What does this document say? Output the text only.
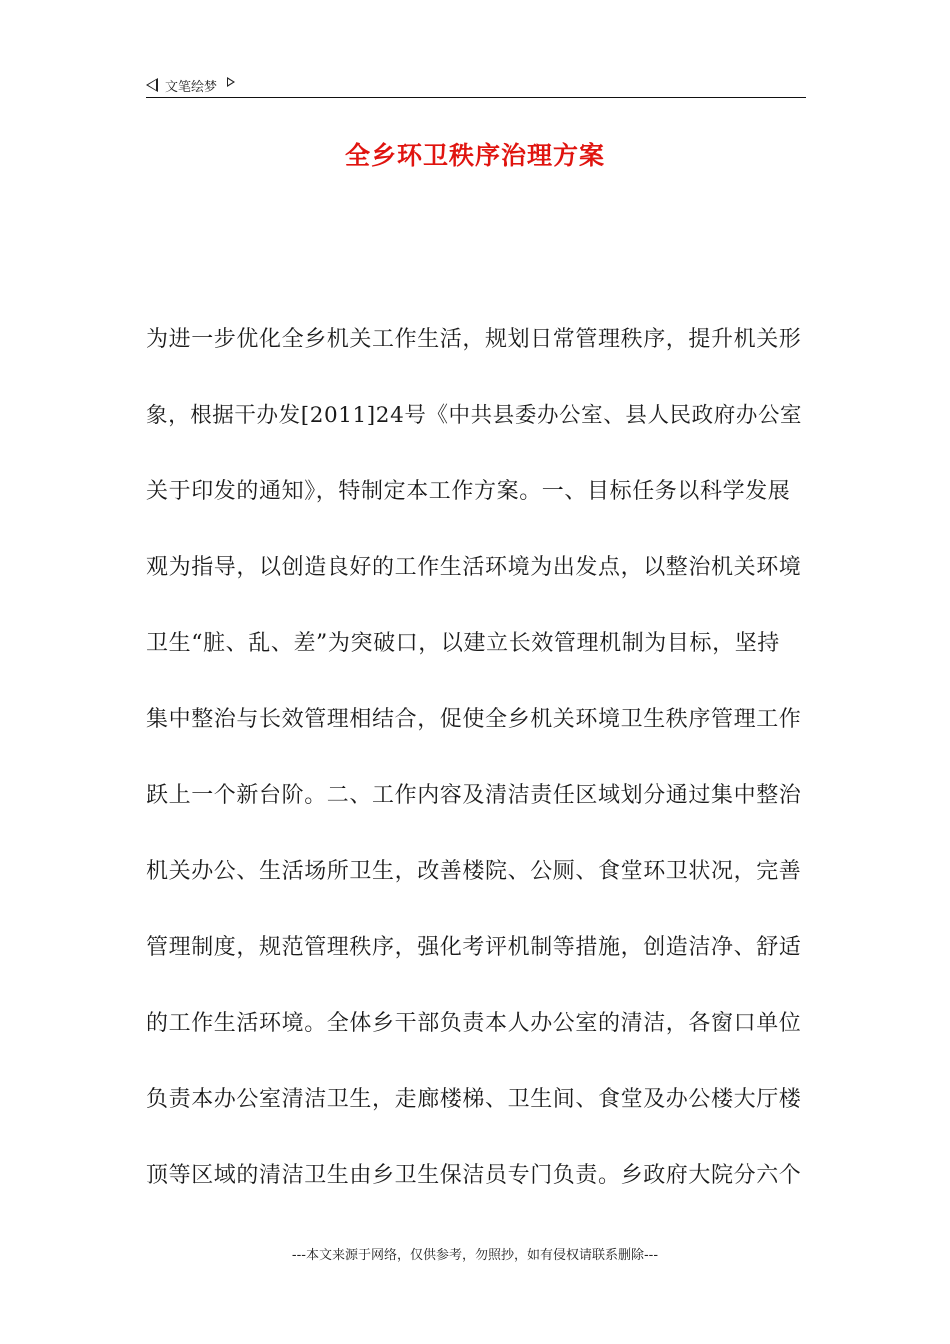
文笔绘梦
全乡环卫秩序治理方案
为进一步优化全乡机关工作生活，规划日常管理秩序，提升机关形
象，根据干办发[2011]24号《中共县委办公室、县人民政府办公室
关于印发的通知》，特制定本工作方案。一、目标任务以科学发展
观为指导，以创造良好的工作生活环境为出发点，以整治机关环境
卫生“脏、乱、差”为突破口，以建立长效管理机制为目标，坚持
集中整治与长效管理相结合，促使全乡机关环境卫生秩序管理工作
跃上一个新台阶。二、工作内容及清洁责任区域划分通过集中整治
机关办公、生活场所卫生，改善楼院、公厕、食堂环卫状况，完善
管理制度，规范管理秩序，强化考评机制等措施，创造洁净、舒适
的工作生活环境。全体乡干部负责本人办公室的清洁，各窗口单位
负责本办公室清洁卫生，走廊楼梯、卫生间、食堂及办公楼大厅楼
顶等区域的清洁卫生由乡卫生保洁员专门负责。乡政府大院分六个
---本文来源于网络，仅供参考，勿照抄，如有侵权请联系删除---
